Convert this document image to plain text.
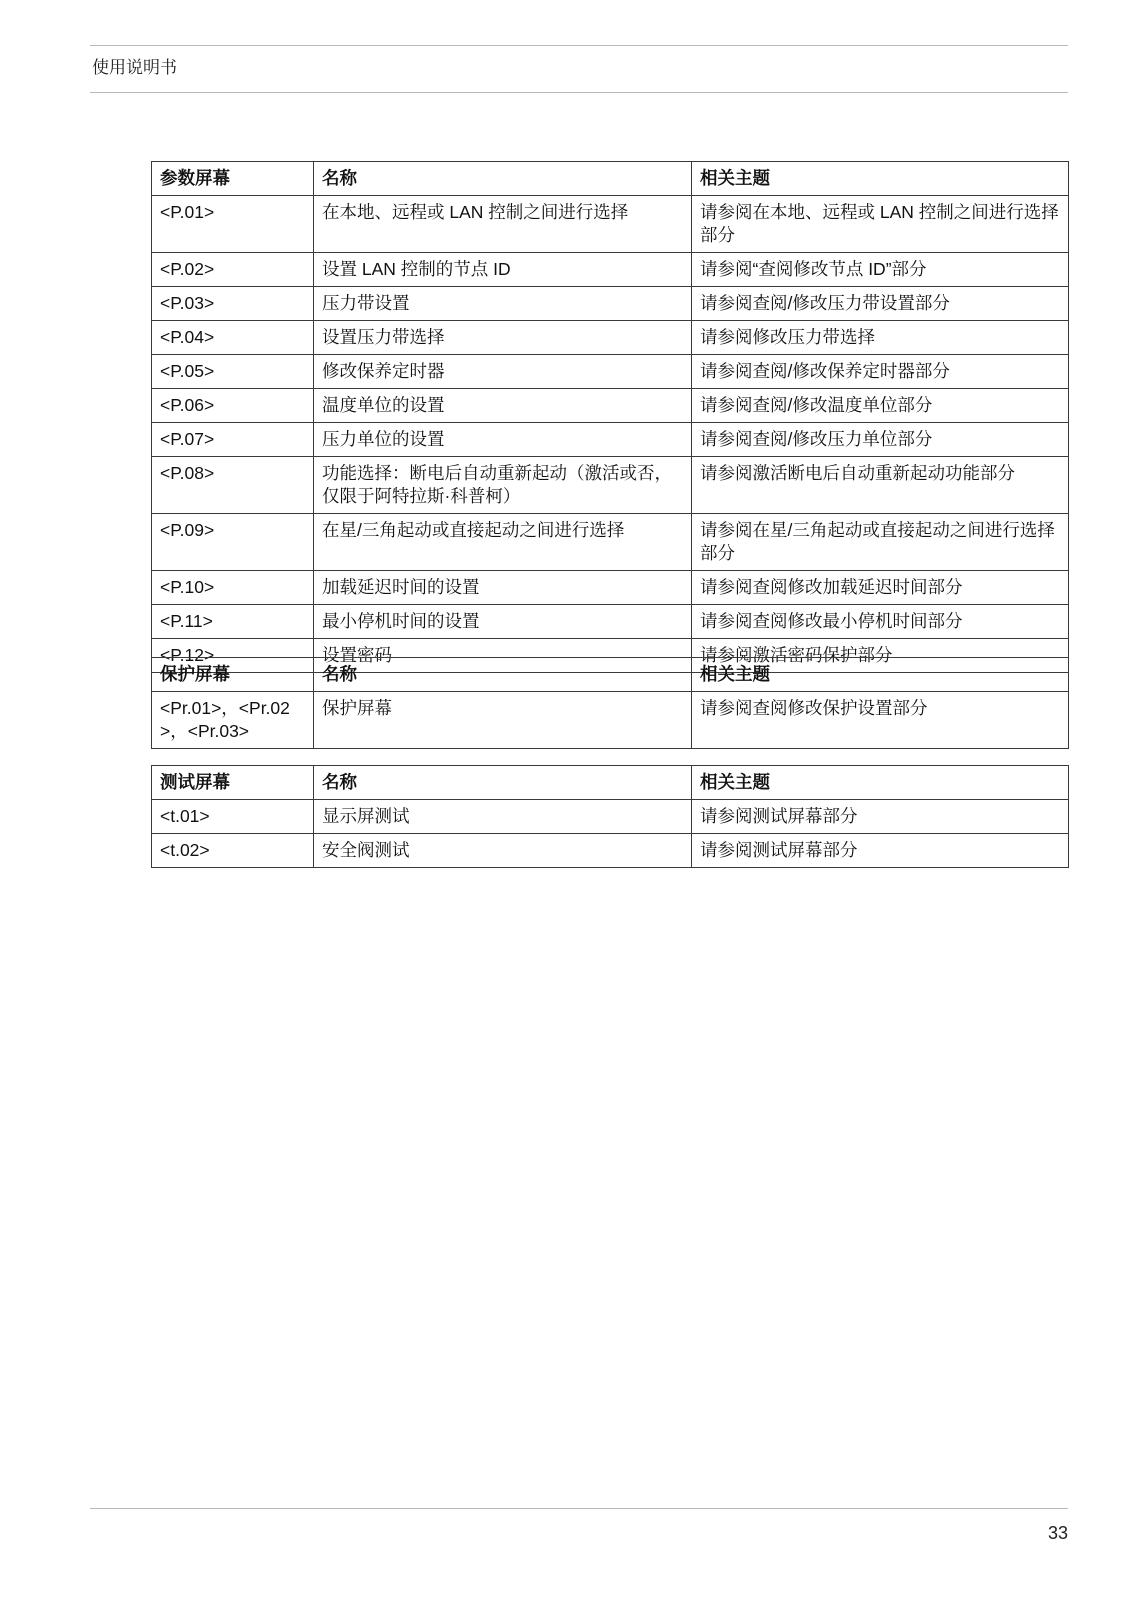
使用说明书
参数屏幕	名称	相关主题
<P.01>	在本地、远程或 LAN 控制之间进行选择	请参阅在本地、远程或 LAN 控制之间进行选择部分
<P.02>	设置 LAN 控制的节点 ID	请参阅“查阅修改节点 ID”部分
<P.03>	压力带设置	请参阅查阅/修改压力带设置部分
<P.04>	设置压力带选择	请参阅修改压力带选择
<P.05>	修改保养定时器	请参阅查阅/修改保养定时器部分
<P.06>	温度单位的设置	请参阅查阅/修改温度单位部分
<P.07>	压力单位的设置	请参阅查阅/修改压力单位部分
<P.08>	功能选择：断电后自动重新起动（激活或否，仅限于阿特拉斯·科普柯）	请参阅激活断电后自动重新起动功能部分
<P.09>	在星/三角起动或直接起动之间进行选择	请参阅在星/三角起动或直接起动之间进行选择部分
<P.10>	加载延迟时间的设置	请参阅查阅修改加载延迟时间部分
<P.11>	最小停机时间的设置	请参阅查阅修改最小停机时间部分
<P.12>	设置密码	请参阅激活密码保护部分
保护屏幕	名称	相关主题
<Pr.01>，<Pr.02>，<Pr.03>	保护屏幕	请参阅查阅修改保护设置部分
测试屏幕	名称	相关主题
<t.01>	显示屏测试	请参阅测试屏幕部分
<t.02>	安全阀测试	请参阅测试屏幕部分
33
